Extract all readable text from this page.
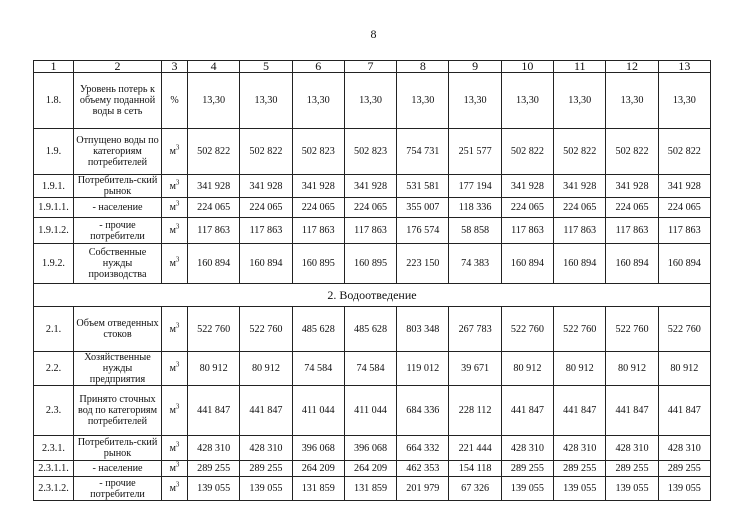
8
1	2	3	4	5	6	7	8	9	10	11	12	13
1.8.	Уровень потерь к объему поданной воды в сеть	%	13,30	13,30	13,30	13,30	13,30	13,30	13,30	13,30	13,30	13,30
1.9.	Отпущено воды по категориям потребителей	$м^3$	502 822	502 822	502 823	502 823	754 731	251 577	502 822	502 822	502 822	502 822
1.9.1.	Потребитель-ский рынок	$м^3$	341 928	341 928	341 928	341 928	531 581	177 194	341 928	341 928	341 928	341 928
1.9.1.1.	- население	$м^3$	224 065	224 065	224 065	224 065	355 007	118 336	224 065	224 065	224 065	224 065
1.9.1.2.	- прочие потребители	$м^3$	117 863	117 863	117 863	117 863	176 574	58 858	117 863	117 863	117 863	117 863
1.9.2.	Собственные нужды производства	$м^3$	160 894	160 894	160 895	160 895	223 150	74 383	160 894	160 894	160 894	160 894
2. Водоотведение												
2.1.	Объем отведенных стоков	$м^3$	522 760	522 760	485 628	485 628	803 348	267 783	522 760	522 760	522 760	522 760
2.2.	Хозяйственные нужды предприятия	$м^3$	80 912	80 912	74 584	74 584	119 012	39 671	80 912	80 912	80 912	80 912
2.3.	Принято сточных вод по категориям потребителей	$м^3$	441 847	441 847	411 044	411 044	684 336	228 112	441 847	441 847	441 847	441 847
2.3.1.	Потребитель-ский рынок	$м^3$	428 310	428 310	396 068	396 068	664 332	221 444	428 310	428 310	428 310	428 310
2.3.1.1.	- население	$м^3$	289 255	289 255	264 209	264 209	462 353	154 118	289 255	289 255	289 255	289 255
2.3.1.2.	- прочие потребители	$м^3$	139 055	139 055	131 859	131 859	201 979	67 326	139 055	139 055	139 055	139 055
